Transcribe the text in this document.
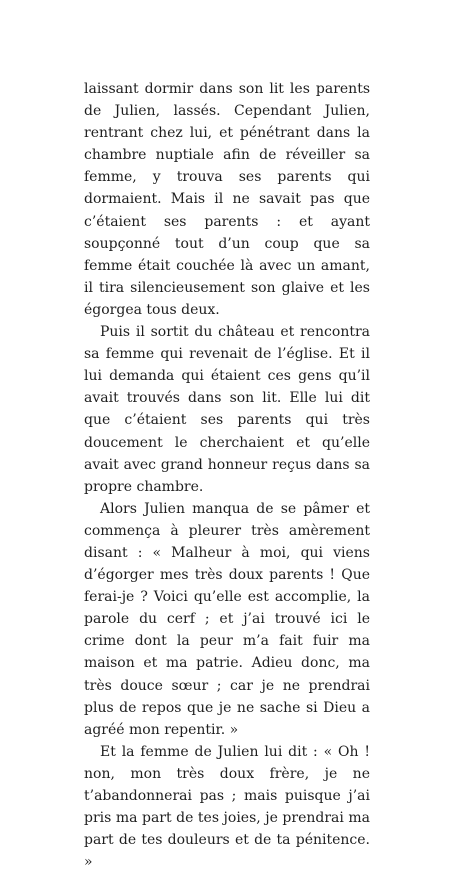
laissant dormir dans son lit les parents de Julien, lassés. Cependant Julien, rentrant chez lui, et pénétrant dans la chambre nuptiale afin de réveiller sa femme, y trouva ses parents qui dormaient. Mais il ne savait pas que c’étaient ses parents : et ayant soupçonné tout d’un coup que sa femme était couchée là avec un amant, il tira silencieusement son glaive et les égorgea tous deux.

Puis il sortit du château et rencontra sa femme qui revenait de l’église. Et il lui demanda qui étaient ces gens qu’il avait trouvés dans son lit. Elle lui dit que c’étaient ses parents qui très doucement le cherchaient et qu’elle avait avec grand honneur reçus dans sa propre chambre.

Alors Julien manqua de se pâmer et commença à pleurer très amèrement disant : « Malheur à moi, qui viens d’égorger mes très doux parents ! Que ferai-je ? Voici qu’elle est accomplie, la parole du cerf ; et j’ai trouvé ici le crime dont la peur m’a fait fuir ma maison et ma patrie. Adieu donc, ma très douce sœur ; car je ne prendrai plus de repos que je ne sache si Dieu a agréé mon repentir. »

Et la femme de Julien lui dit : « Oh ! non, mon très doux frère, je ne t’abandonnerai pas ; mais puisque j’ai pris ma part de tes joies, je prendrai ma part de tes douleurs et de ta pénitence. »
